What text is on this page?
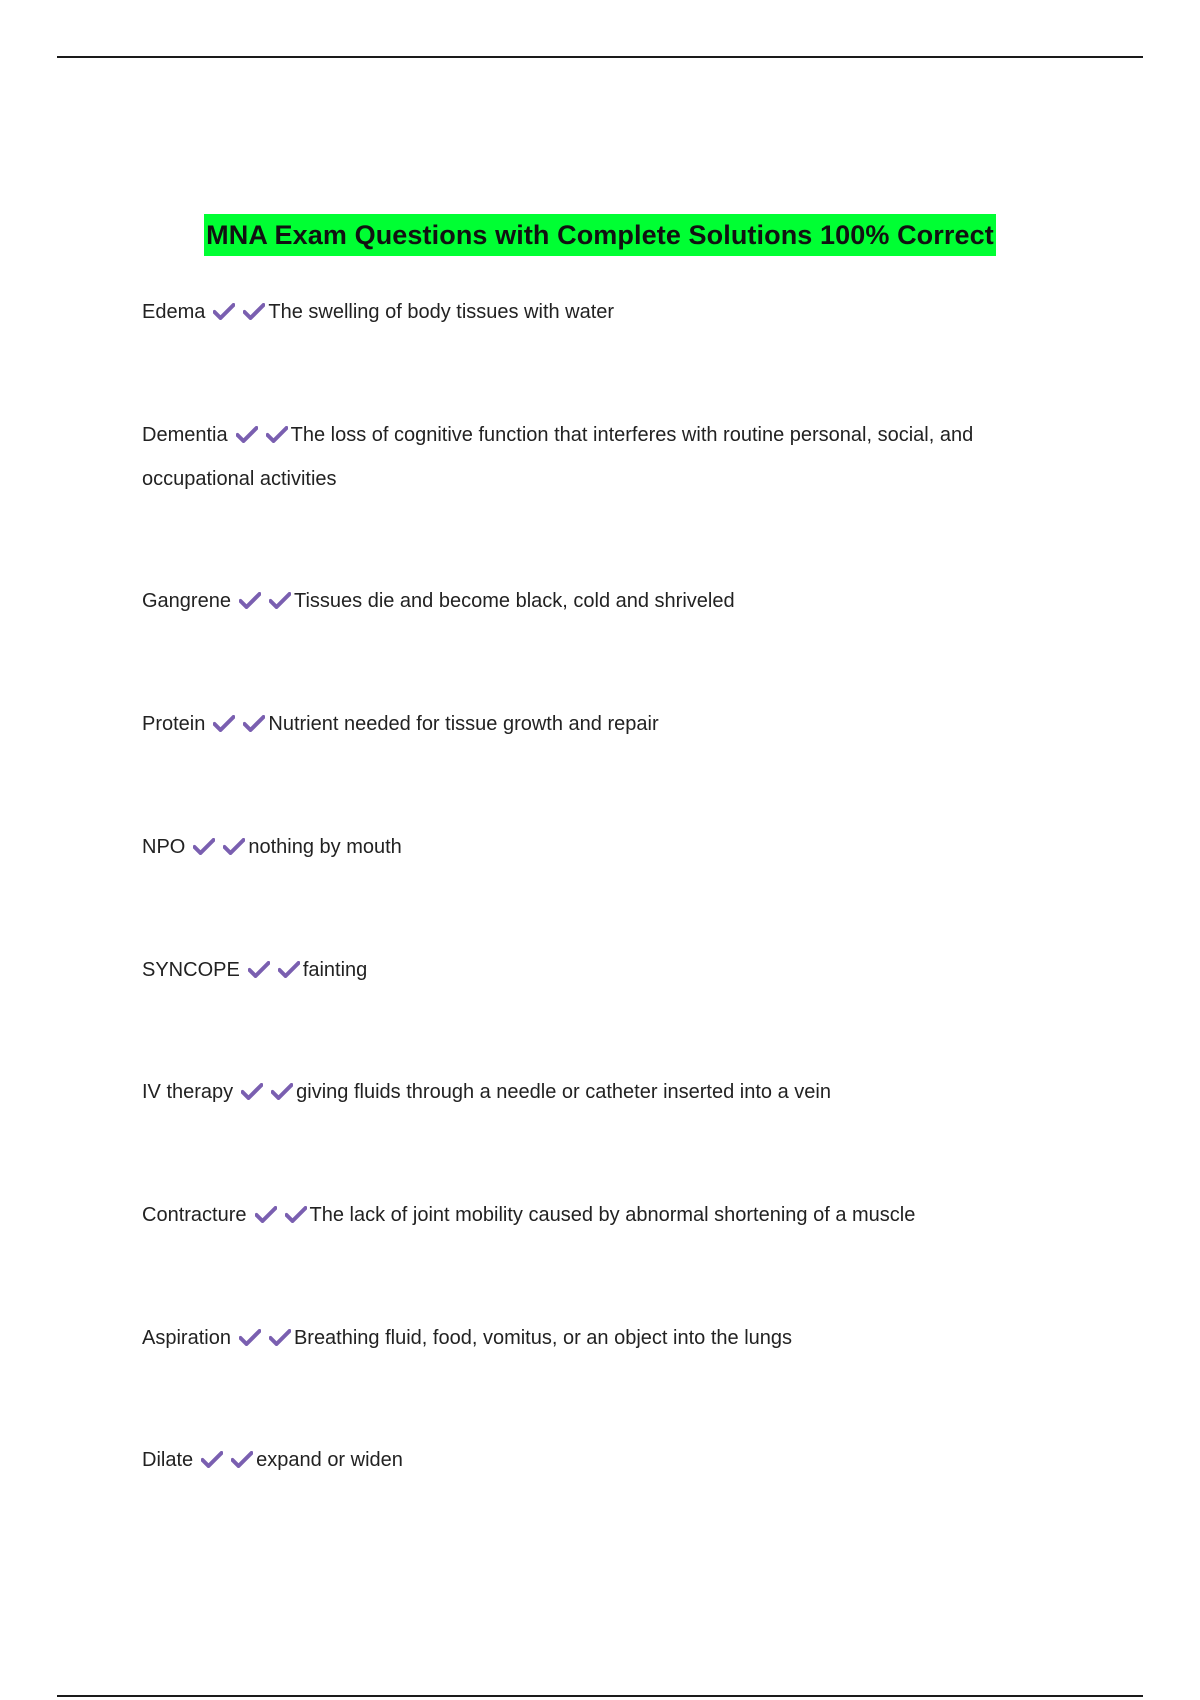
MNA Exam Questions with Complete Solutions 100% Correct
Edema	The swelling of body tissues with water
Dementia	The loss of cognitive function that interferes with routine personal, social, and occupational activities
Gangrene	Tissues die and become black, cold and shriveled
Protein	Nutrient needed for tissue growth and repair
NPO	nothing by mouth
SYNCOPE	fainting
IV therapy	giving fluids through a needle or catheter inserted into a vein
Contracture	The lack of joint mobility caused by abnormal shortening of a muscle
Aspiration	Breathing fluid, food, vomitus, or an object into the lungs
Dilate	expand or widen
